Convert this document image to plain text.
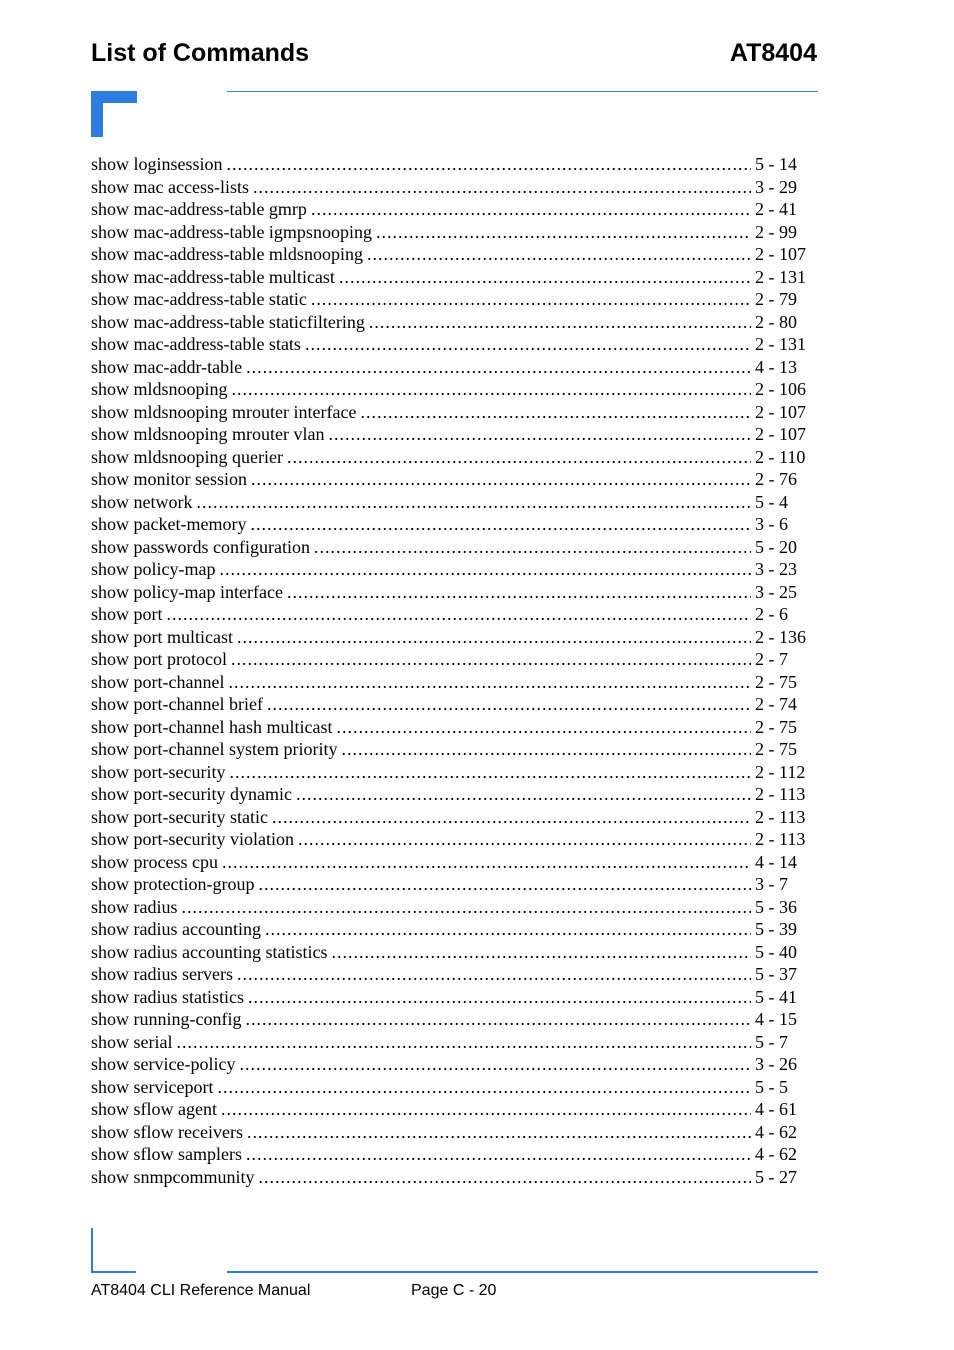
List of Commands	AT8404
show loginsession .....	5 - 14
show mac access-lists .....	3 - 29
show mac-address-table gmrp .....	2 - 41
show mac-address-table igmpsnooping .....	2 - 99
show mac-address-table mldsnooping .....	2 - 107
show mac-address-table multicast .....	2 - 131
show mac-address-table static .....	2 - 79
show mac-address-table staticfiltering .....	2 - 80
show mac-address-table stats .....	2 - 131
show mac-addr-table .....	4 - 13
show mldsnooping .....	2 - 106
show mldsnooping mrouter interface .....	2 - 107
show mldsnooping mrouter vlan .....	2 - 107
show mldsnooping querier .....	2 - 110
show monitor session .....	2 - 76
show network .....	5 - 4
show packet-memory .....	3 - 6
show passwords configuration .....	5 - 20
show policy-map .....	3 - 23
show policy-map interface .....	3 - 25
show port .....	2 - 6
show port multicast .....	2 - 136
show port protocol .....	2 - 7
show port-channel .....	2 - 75
show port-channel brief .....	2 - 74
show port-channel hash multicast .....	2 - 75
show port-channel system priority .....	2 - 75
show port-security .....	2 - 112
show port-security dynamic .....	2 - 113
show port-security static .....	2 - 113
show port-security violation .....	2 - 113
show process cpu .....	4 - 14
show protection-group .....	3 - 7
show radius .....	5 - 36
show radius accounting .....	5 - 39
show radius accounting statistics .....	5 - 40
show radius servers .....	5 - 37
show radius statistics .....	5 - 41
show running-config .....	4 - 15
show serial .....	5 - 7
show service-policy .....	3 - 26
show serviceport .....	5 - 5
show sflow agent .....	4 - 61
show sflow receivers .....	4 - 62
show sflow samplers .....	4 - 62
show snmpcommunity .....	5 - 27
AT8404 CLI Reference Manual	Page C - 20
